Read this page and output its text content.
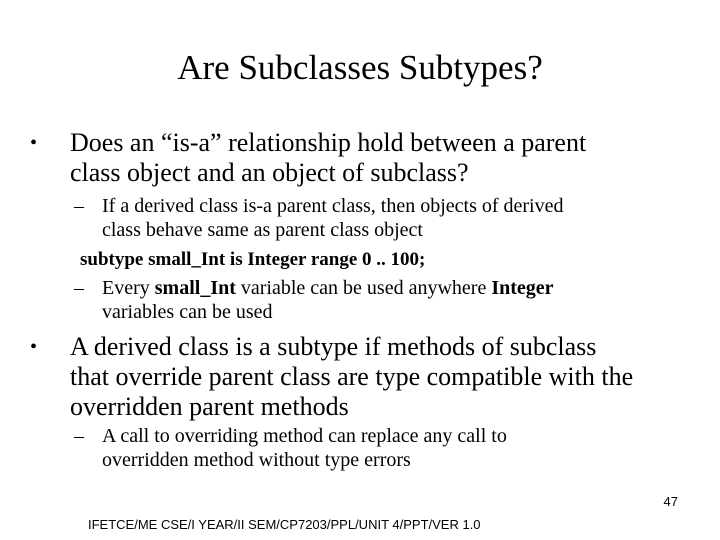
Are Subclasses Subtypes?
•	Does an “is-a” relationship hold between a parent
class object and an object of subclass?
– If a derived class is-a parent class, then objects of derived
class behave same as parent class object
subtype small_Int is Integer range 0 .. 100;
– Every small_Int variable can be used anywhere Integer
variables can be used
•	A derived class is a subtype if methods of subclass
that override parent class are type compatible with the
overridden parent methods
– A call to overriding method can replace any call to
overridden method without type errors
47
IFETCE/ME CSE/I YEAR/II SEM/CP7203/PPL/UNIT 4/PPT/VER 1.0
